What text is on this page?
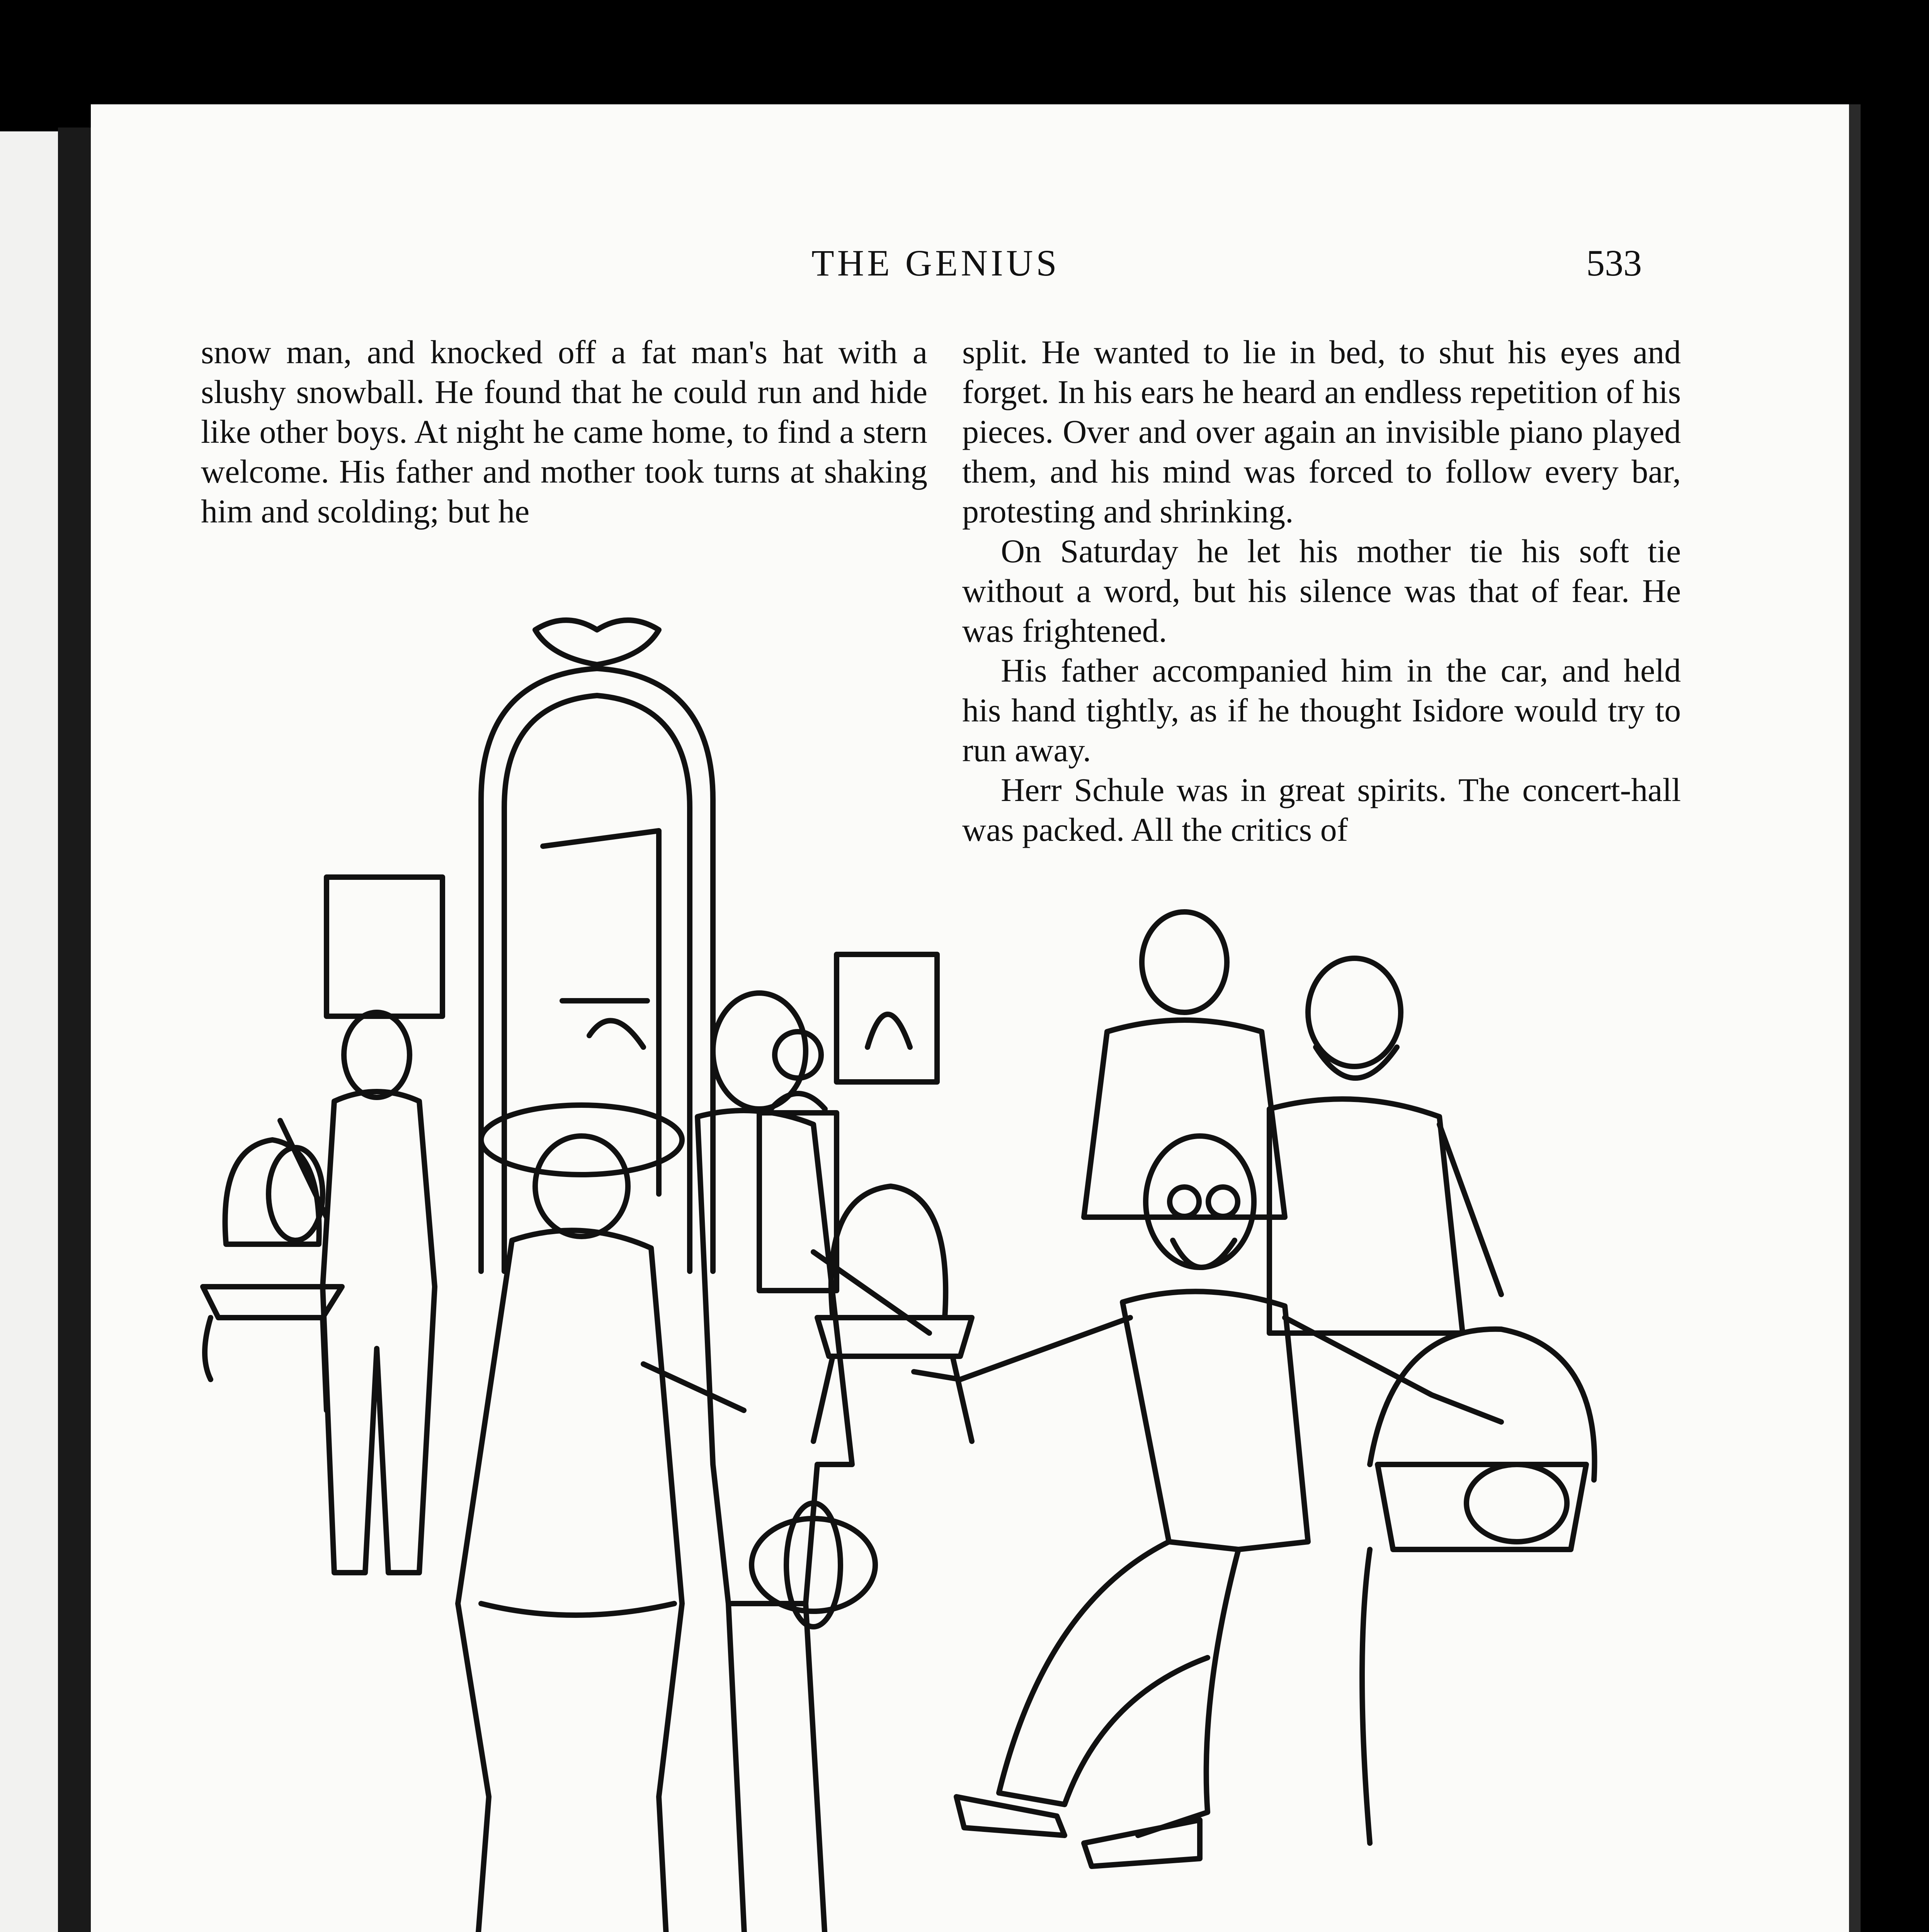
THE GENIUS	533

snow man, and knocked off a fat man's hat with a slushy snowball. He found that he could run and hide like other boys. At night he came home, to find a stern welcome. His father and mother took turns at shaking him and scolding; but he

split. He wanted to lie in bed, to shut his eyes and forget. In his ears he heard an endless repetition of his pieces. Over and over again an invisible piano played them, and his mind was forced to follow every bar, protesting and shrinking.

On Saturday he let his mother tie his soft tie without a word, but his silence was that of fear. He was frightened.

His father accompanied him in the car, and held his hand tightly, as if he thought Isidore would try to run away.

Herr Schule was in great spirits. The concert-hall was packed. All the critics of
